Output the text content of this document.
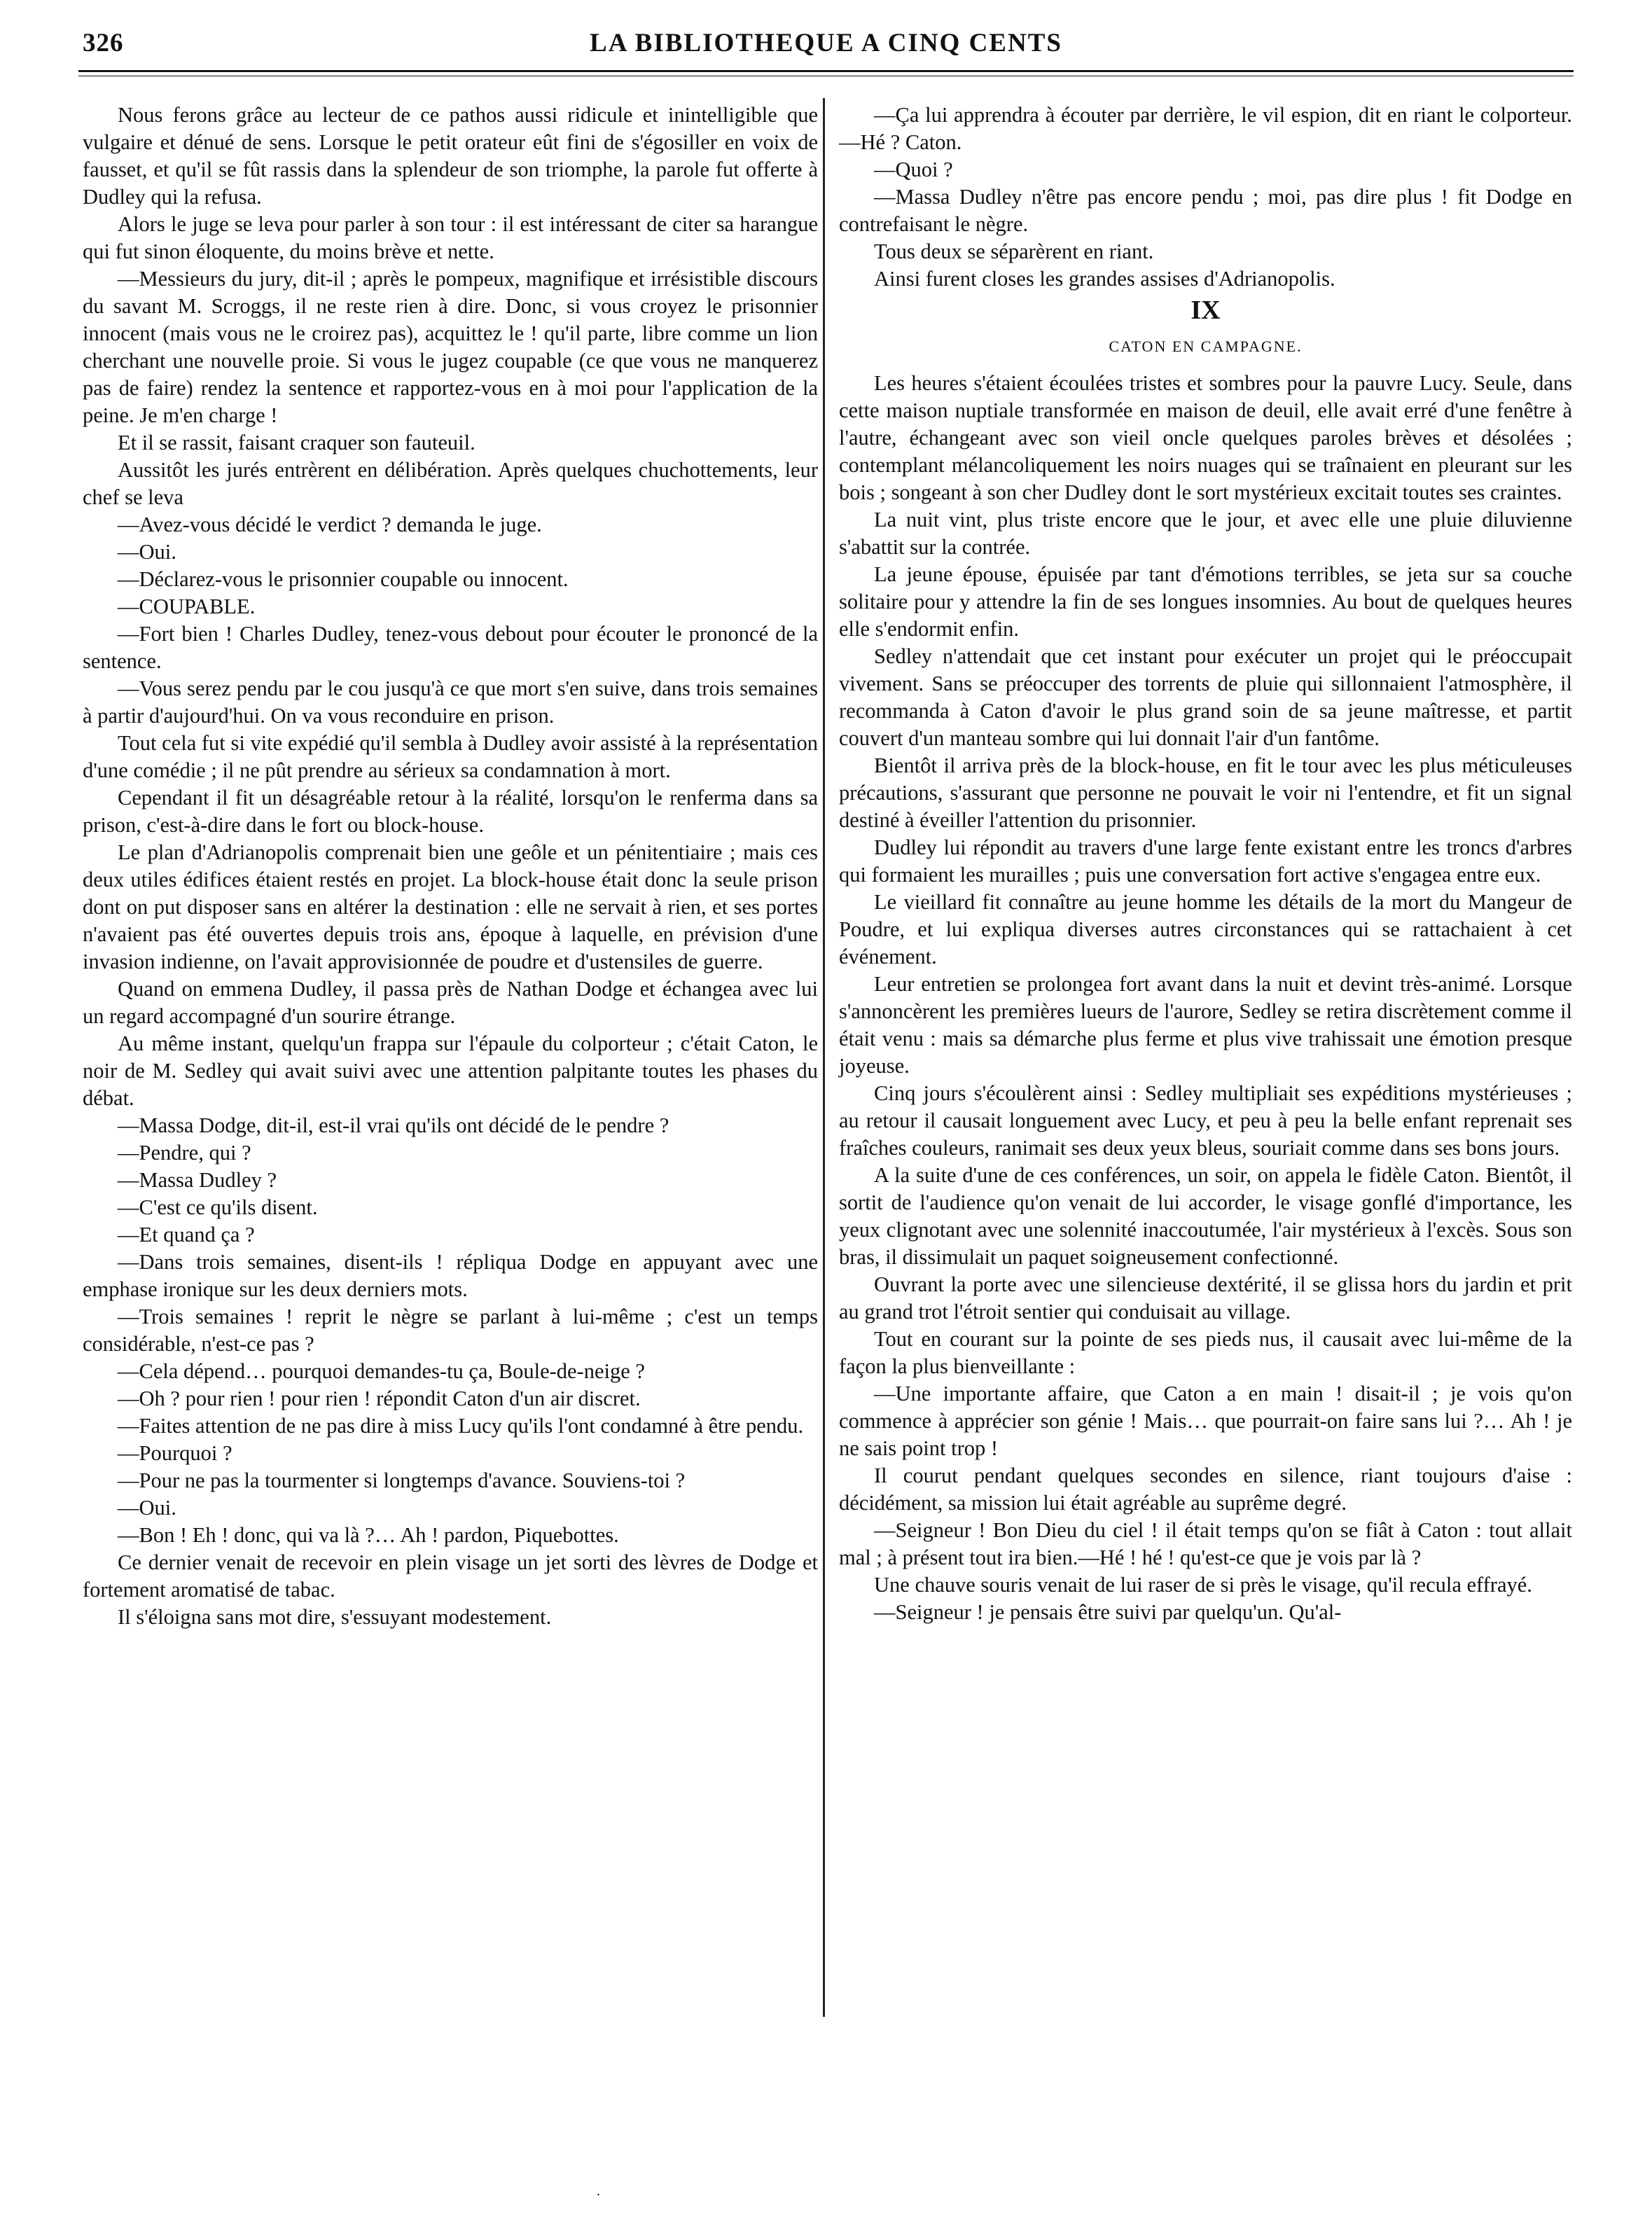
326	LA BIBLIOTHEQUE A CINQ CENTS

Nous ferons grâce au lecteur de ce pathos aussi ridicule et inintelligible que vulgaire et dénué de sens. Lorsque le petit orateur eût fini de s'égosiller en voix de fausset, et qu'il se fût rassis dans la splendeur de son triomphe, la parole fut offerte à Dudley qui la refusa.

Alors le juge se leva pour parler à son tour : il est intéressant de citer sa harangue qui fut sinon éloquente, du moins brève et nette.

—Messieurs du jury, dit-il ; après le pompeux, magnifique et irrésistible discours du savant M. Scroggs, il ne reste rien à dire. Donc, si vous croyez le prisonnier innocent (mais vous ne le croirez pas), acquittez le ! qu'il parte, libre comme un lion cherchant une nouvelle proie. Si vous le jugez coupable (ce que vous ne manquerez pas de faire) rendez la sentence et rapportez-vous en à moi pour l'application de la peine. Je m'en charge !

Et il se rassit, faisant craquer son fauteuil.

Aussitôt les jurés entrèrent en délibération. Après quelques chuchottements, leur chef se leva

—Avez-vous décidé le verdict ? demanda le juge.

—Oui.

—Déclarez-vous le prisonnier coupable ou innocent.

—COUPABLE.

—Fort bien ! Charles Dudley, tenez-vous debout pour écouter le prononcé de la sentence.

—Vous serez pendu par le cou jusqu'à ce que mort s'en suive, dans trois semaines à partir d'aujourd'hui. On va vous reconduire en prison.

Tout cela fut si vite expédié qu'il sembla à Dudley avoir assisté à la représentation d'une comédie ; il ne pût prendre au sérieux sa condamnation à mort.

Cependant il fit un désagréable retour à la réalité, lorsqu'on le renferma dans sa prison, c'est-à-dire dans le fort ou block-house.

Le plan d'Adrianopolis comprenait bien une geôle et un pénitentiaire ; mais ces deux utiles édifices étaient restés en projet. La block-house était donc la seule prison dont on put disposer sans en altérer la destination : elle ne servait à rien, et ses portes n'avaient pas été ouvertes depuis trois ans, époque à laquelle, en prévision d'une invasion indienne, on l'avait approvisionnée de poudre et d'ustensiles de guerre.

Quand on emmena Dudley, il passa près de Nathan Dodge et échangea avec lui un regard accompagné d'un sourire étrange.

Au même instant, quelqu'un frappa sur l'épaule du colporteur ; c'était Caton, le noir de M. Sedley qui avait suivi avec une attention palpitante toutes les phases du débat.

—Massa Dodge, dit-il, est-il vrai qu'ils ont décidé de le pendre ?

—Pendre, qui ?

—Massa Dudley ?

—C'est ce qu'ils disent.

—Et quand ça ?

—Dans trois semaines, disent-ils ! répliqua Dodge en appuyant avec une emphase ironique sur les deux derniers mots.

—Trois semaines ! reprit le nègre se parlant à lui-même ; c'est un temps considérable, n'est-ce pas ?

—Cela dépend… pourquoi demandes-tu ça, Boule-de-neige ?

—Oh ? pour rien ! pour rien ! répondit Caton d'un air discret.

—Faites attention de ne pas dire à miss Lucy qu'ils l'ont condamné à être pendu.

—Pourquoi ?

—Pour ne pas la tourmenter si longtemps d'avance. Souviens-toi ?

—Oui.

—Bon ! Eh ! donc, qui va là ?… Ah ! pardon, Piquebottes.

Ce dernier venait de recevoir en plein visage un jet sorti des lèvres de Dodge et fortement aromatisé de tabac.

Il s'éloigna sans mot dire, s'essuyant modestement.

—Ça lui apprendra à écouter par derrière, le vil espion, dit en riant le colporteur.—Hé ? Caton.

—Quoi ?

—Massa Dudley n'être pas encore pendu ; moi, pas dire plus ! fit Dodge en contrefaisant le nègre.

Tous deux se séparèrent en riant.

Ainsi furent closes les grandes assises d'Adrianopolis.

IX
CATON EN CAMPAGNE.

Les heures s'étaient écoulées tristes et sombres pour la pauvre Lucy. Seule, dans cette maison nuptiale transformée en maison de deuil, elle avait erré d'une fenêtre à l'autre, échangeant avec son vieil oncle quelques paroles brèves et désolées ; contemplant mélancoliquement les noirs nuages qui se traînaient en pleurant sur les bois ; songeant à son cher Dudley dont le sort mystérieux excitait toutes ses craintes.

La nuit vint, plus triste encore que le jour, et avec elle une pluie diluvienne s'abattit sur la contrée.

La jeune épouse, épuisée par tant d'émotions terribles, se jeta sur sa couche solitaire pour y attendre la fin de ses longues insomnies. Au bout de quelques heures elle s'endormit enfin.

Sedley n'attendait que cet instant pour exécuter un projet qui le préoccupait vivement. Sans se préoccuper des torrents de pluie qui sillonnaient l'atmosphère, il recommanda à Caton d'avoir le plus grand soin de sa jeune maîtresse, et partit couvert d'un manteau sombre qui lui donnait l'air d'un fantôme.

Bientôt il arriva près de la block-house, en fit le tour avec les plus méticuleuses précautions, s'assurant que personne ne pouvait le voir ni l'entendre, et fit un signal destiné à éveiller l'attention du prisonnier.

Dudley lui répondit au travers d'une large fente existant entre les troncs d'arbres qui formaient les murailles ; puis une conversation fort active s'engagea entre eux.

Le vieillard fit connaître au jeune homme les détails de la mort du Mangeur de Poudre, et lui expliqua diverses autres circonstances qui se rattachaient à cet événement.

Leur entretien se prolongea fort avant dans la nuit et devint très-animé. Lorsque s'annoncèrent les premières lueurs de l'aurore, Sedley se retira discrètement comme il était venu : mais sa démarche plus ferme et plus vive trahissait une émotion presque joyeuse.

Cinq jours s'écoulèrent ainsi : Sedley multipliait ses expéditions mystérieuses ; au retour il causait longuement avec Lucy, et peu à peu la belle enfant reprenait ses fraîches couleurs, ranimait ses deux yeux bleus, souriait comme dans ses bons jours.

A la suite d'une de ces conférences, un soir, on appela le fidèle Caton. Bientôt, il sortit de l'audience qu'on venait de lui accorder, le visage gonflé d'importance, les yeux clignotant avec une solennité inaccoutumée, l'air mystérieux à l'excès. Sous son bras, il dissimulait un paquet soigneusement confectionné.

Ouvrant la porte avec une silencieuse dextérité, il se glissa hors du jardin et prit au grand trot l'étroit sentier qui conduisait au village.

Tout en courant sur la pointe de ses pieds nus, il causait avec lui-même de la façon la plus bienveillante :

—Une importante affaire, que Caton a en main ! disait-il ; je vois qu'on commence à apprécier son génie ! Mais… que pourrait-on faire sans lui ?… Ah ! je ne sais point trop !

Il courut pendant quelques secondes en silence, riant toujours d'aise : décidément, sa mission lui était agréable au suprême degré.

—Seigneur ! Bon Dieu du ciel ! il était temps qu'on se fiât à Caton : tout allait mal ; à présent tout ira bien.—Hé ! hé ! qu'est-ce que je vois par là ?

Une chauve souris venait de lui raser de si près le visage, qu'il recula effrayé.

—Seigneur ! je pensais être suivi par quelqu'un. Qu'al-

.
